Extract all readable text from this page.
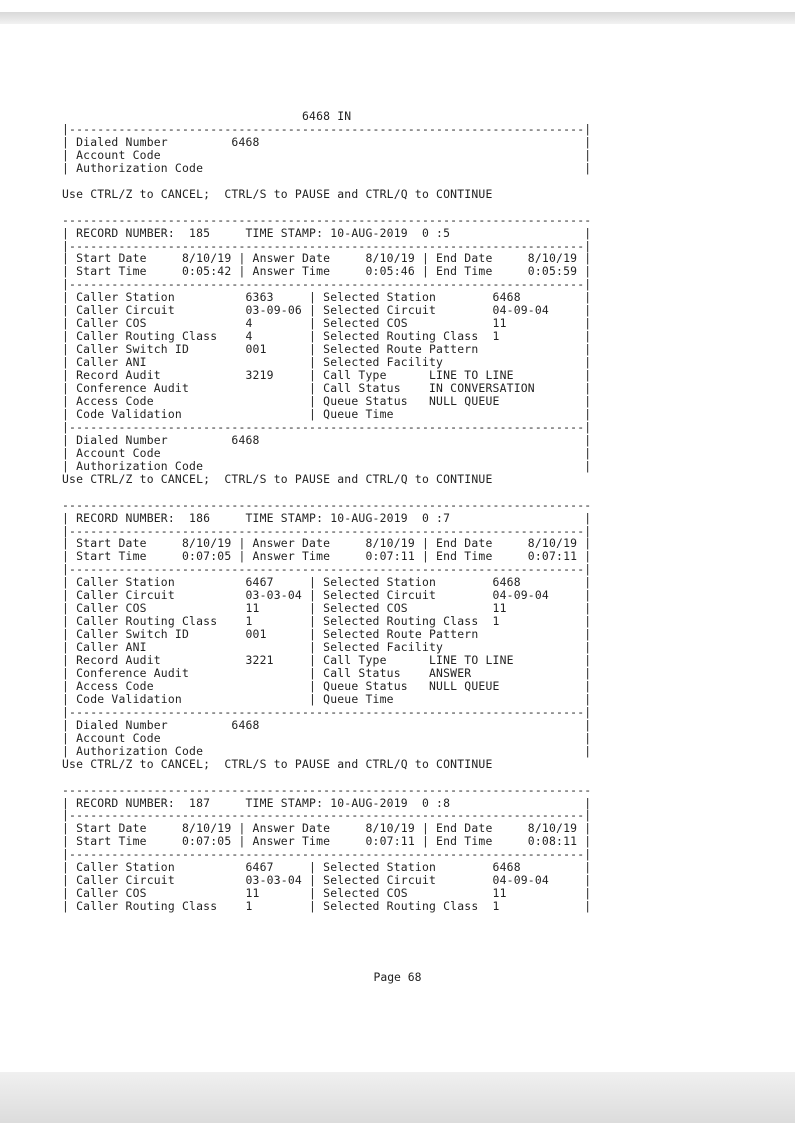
6468 IN
|-------------------------------------------------------------------------|
| Dialed Number         6468                                              |
| Account Code                                                            |
| Authorization Code                                                      |

Use CTRL/Z to CANCEL;  CTRL/S to PAUSE and CTRL/Q to CONTINUE

---------------------------------------------------------------------------
| RECORD NUMBER:  185     TIME STAMP: 10-AUG-2019  0 :5                   |
|-------------------------------------------------------------------------|
| Start Date     8/10/19 | Answer Date     8/10/19 | End Date     8/10/19 |
| Start Time     0:05:42 | Answer Time     0:05:46 | End Time     0:05:59 |
|-------------------------------------------------------------------------|
| Caller Station          6363     | Selected Station        6468         |
| Caller Circuit          03-09-06 | Selected Circuit        04-09-04     |
| Caller COS              4        | Selected COS            11           |
| Caller Routing Class    4        | Selected Routing Class  1            |
| Caller Switch ID        001      | Selected Route Pattern               |
| Caller ANI                       | Selected Facility                    |
| Record Audit            3219     | Call Type      LINE TO LINE          |
| Conference Audit                 | Call Status    IN CONVERSATION       |
| Access Code                      | Queue Status   NULL QUEUE            |
| Code Validation                  | Queue Time                           |
|-------------------------------------------------------------------------|
| Dialed Number         6468                                              |
| Account Code                                                            |
| Authorization Code                                                      |
Use CTRL/Z to CANCEL;  CTRL/S to PAUSE and CTRL/Q to CONTINUE

---------------------------------------------------------------------------
| RECORD NUMBER:  186     TIME STAMP: 10-AUG-2019  0 :7                   |
|-------------------------------------------------------------------------|
| Start Date     8/10/19 | Answer Date     8/10/19 | End Date     8/10/19 |
| Start Time     0:07:05 | Answer Time     0:07:11 | End Time     0:07:11 |
|-------------------------------------------------------------------------|
| Caller Station          6467     | Selected Station        6468         |
| Caller Circuit          03-03-04 | Selected Circuit        04-09-04     |
| Caller COS              11       | Selected COS            11           |
| Caller Routing Class    1        | Selected Routing Class  1            |
| Caller Switch ID        001      | Selected Route Pattern               |
| Caller ANI                       | Selected Facility                    |
| Record Audit            3221     | Call Type      LINE TO LINE          |
| Conference Audit                 | Call Status    ANSWER                |
| Access Code                      | Queue Status   NULL QUEUE            |
| Code Validation                  | Queue Time                           |
|-------------------------------------------------------------------------|
| Dialed Number         6468                                              |
| Account Code                                                            |
| Authorization Code                                                      |
Use CTRL/Z to CANCEL;  CTRL/S to PAUSE and CTRL/Q to CONTINUE

---------------------------------------------------------------------------
| RECORD NUMBER:  187     TIME STAMP: 10-AUG-2019  0 :8                   |
|-------------------------------------------------------------------------|
| Start Date     8/10/19 | Answer Date     8/10/19 | End Date     8/10/19 |
| Start Time     0:07:05 | Answer Time     0:07:11 | End Time     0:08:11 |
|-------------------------------------------------------------------------|
| Caller Station          6467     | Selected Station        6468         |
| Caller Circuit          03-03-04 | Selected Circuit        04-09-04     |
| Caller COS              11       | Selected COS            11           |
| Caller Routing Class    1        | Selected Routing Class  1            |
Page 68
